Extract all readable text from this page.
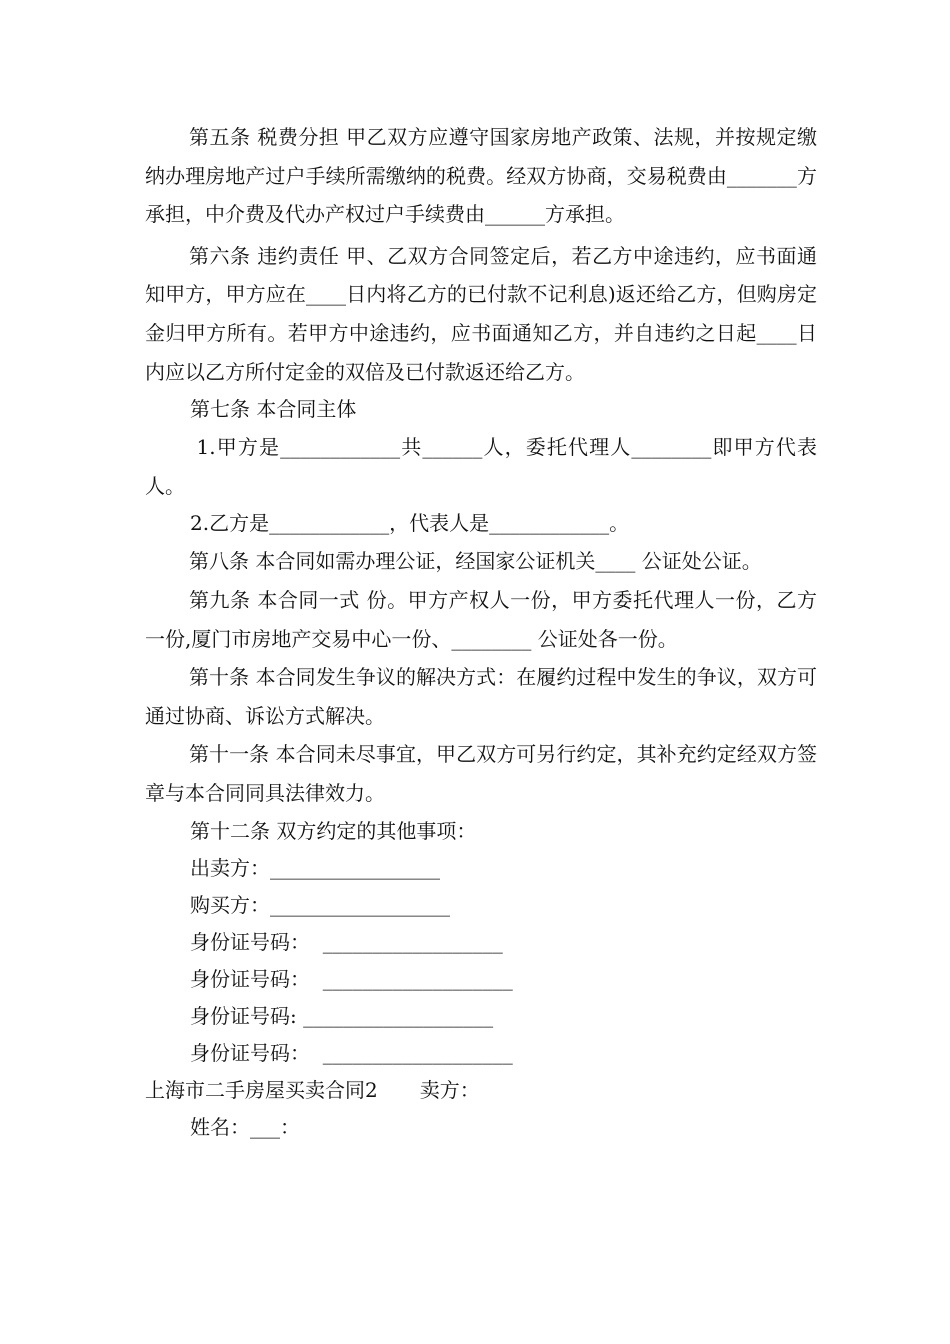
第五条 税费分担 甲乙双方应遵守国家房地产政策、法规，并按规定缴纳办理房地产过户手续所需缴纳的税费。经双方协商，交易税费由_______方承担，中介费及代办产权过户手续费由______方承担。

第六条 违约责任 甲、乙双方合同签定后，若乙方中途违约，应书面通知甲方，甲方应在____日内将乙方的已付款不记利息)返还给乙方，但购房定金归甲方所有。若甲方中途违约，应书面通知乙方，并自违约之日起____日内应以乙方所付定金的双倍及已付款返还给乙方。

第七条 本合同主体

1.甲方是____________共______人，委托代理人________即甲方代表人。

2.乙方是____________，代表人是____________。

第八条 本合同如需办理公证，经国家公证机关____ 公证处公证。

第九条 本合同一式 份。甲方产权人一份，甲方委托代理人一份，乙方一份,厦门市房地产交易中心一份、________ 公证处各一份。

第十条 本合同发生争议的解决方式：在履约过程中发生的争议，双方可通过协商、诉讼方式解决。

第十一条 本合同未尽事宜，甲乙双方可另行约定，其补充约定经双方签章与本合同同具法律效力。

第十二条 双方约定的其他事项：

出卖方：_________________

购买方：__________________

身份证号码：  __________________

身份证号码：  ___________________

身份证号码: ___________________

身份证号码：  ___________________

上海市二手房屋买卖合同2 卖方：

姓名：___：
